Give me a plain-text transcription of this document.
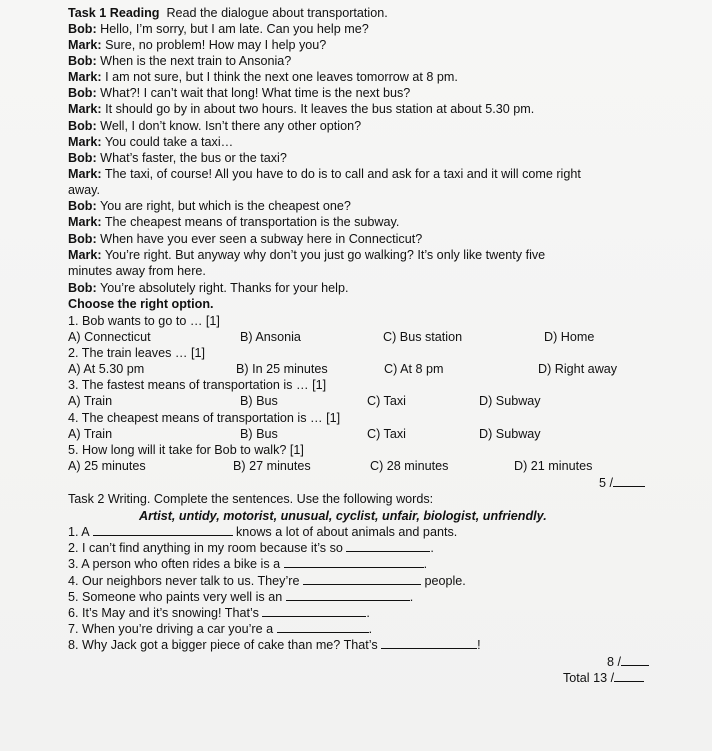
Task 1 Reading Read the dialogue about transportation.
Bob: Hello, I’m sorry, but I am late. Can you help me?
Mark: Sure, no problem! How may I help you?
Bob: When is the next train to Ansonia?
Mark: I am not sure, but I think the next one leaves tomorrow at 8 pm.
Bob: What?! I can’t wait that long! What time is the next bus?
Mark: It should go by in about two hours. It leaves the bus station at about 5.30 pm.
Bob: Well, I don’t know. Isn’t there any other option?
Mark: You could take a taxi…
Bob: What’s faster, the bus or the taxi?
Mark: The taxi, of course! All you have to do is to call and ask for a taxi and it will come right
away.
Bob: You are right, but which is the cheapest one?
Mark: The cheapest means of transportation is the subway.
Bob: When have you ever seen a subway here in Connecticut?
Mark: You’re right. But anyway why don’t you just go walking? It’s only like twenty five
minutes away from here.
Bob: You’re absolutely right. Thanks for your help.
Choose the right option.
1. Bob wants to go to … [1]
A) Connecticut	B) Ansonia	C) Bus station	D) Home
2. The train leaves … [1]
A) At 5.30 pm	B) In 25 minutes	C) At 8 pm	D) Right away
3. The fastest means of transportation is … [1]
A) Train	B) Bus	C) Taxi	D) Subway
4. The cheapest means of transportation is … [1]
A) Train	B) Bus	C) Taxi	D) Subway
5. How long will it take for Bob to walk? [1]
A) 25 minutes	B) 27 minutes	C) 28 minutes	D) 21 minutes
5 /
Task 2 Writing. Complete the sentences. Use the following words:
Artist, untidy, motorist, unusual, cyclist, unfair, biologist, unfriendly.
1. A	knows a lot of about animals and pants.
2. I can’t find anything in my room because it’s so	.
3. A person who often rides a bike is a	.
4. Our neighbors never talk to us. They’re	people.
5. Someone who paints very well is an	.
6. It’s May and it’s snowing! That’s	.
7. When you’re driving a car you’re a	.
8. Why Jack got a bigger piece of cake than me? That’s	!
8 /
Total 13 /
